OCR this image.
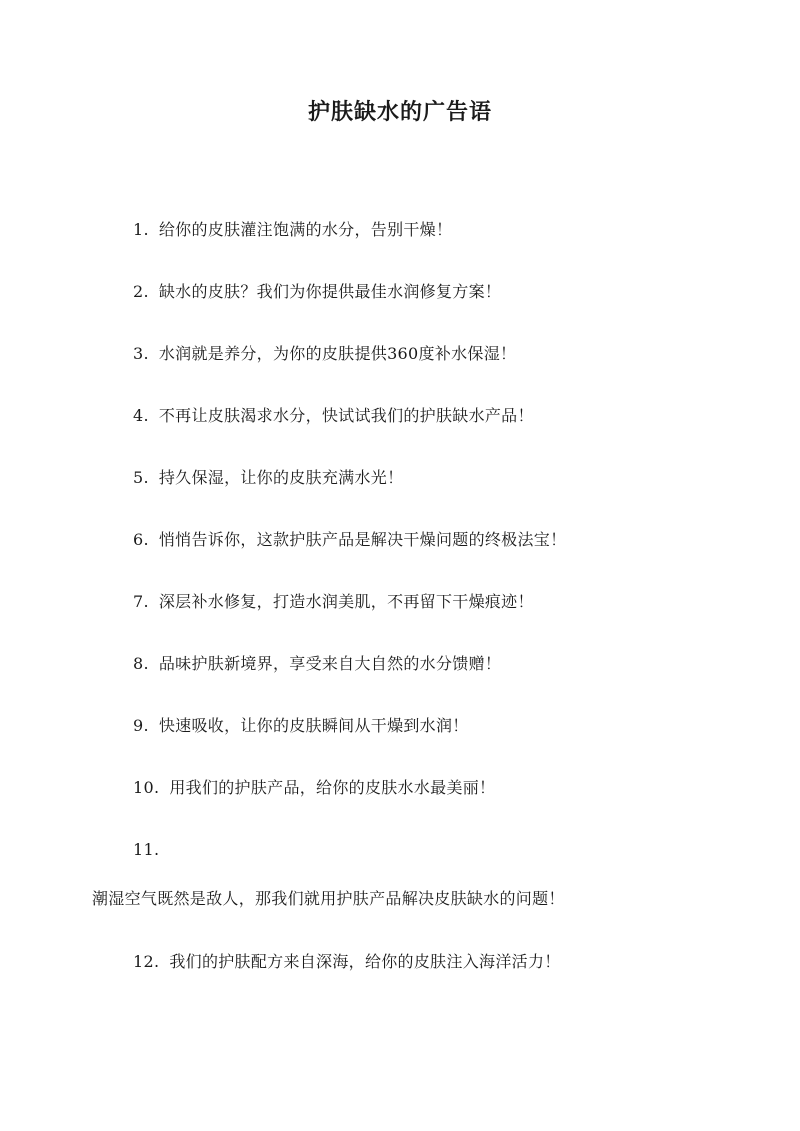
护肤缺水的广告语
1. 给你的皮肤灌注饱满的水分，告别干燥！
2. 缺水的皮肤？我们为你提供最佳水润修复方案！
3. 水润就是养分，为你的皮肤提供360度补水保湿！
4. 不再让皮肤渴求水分，快试试我们的护肤缺水产品！
5. 持久保湿，让你的皮肤充满水光！
6. 悄悄告诉你，这款护肤产品是解决干燥问题的终极法宝！
7. 深层补水修复，打造水润美肌，不再留下干燥痕迹！
8. 品味护肤新境界，享受来自大自然的水分馈赠！
9. 快速吸收，让你的皮肤瞬间从干燥到水润！
10. 用我们的护肤产品，给你的皮肤水水最美丽！
11.
潮湿空气既然是敌人，那我们就用护肤产品解决皮肤缺水的问题！
12. 我们的护肤配方来自深海，给你的皮肤注入海洋活力！
